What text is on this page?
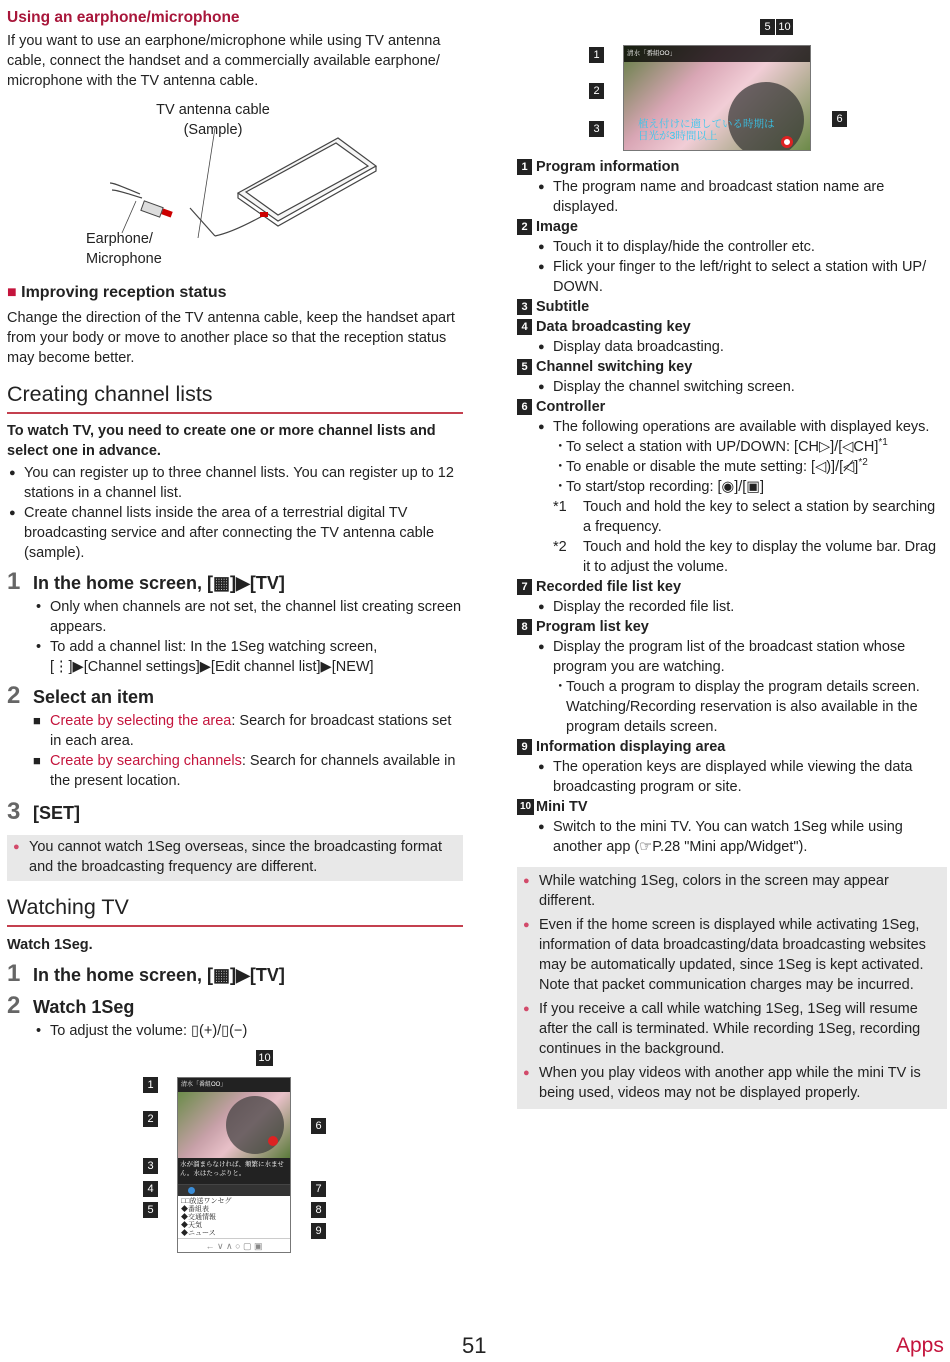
Using an earphone/microphone
If you want to use an earphone/microphone while using TV antenna cable, connect the handset and a commercially available earphone/ microphone with the TV antenna cable.
TV antenna cable
(Sample)
Earphone/
Microphone
■ Improving reception status
Change the direction of the TV antenna cable, keep the handset apart from your body or move to another place so that the reception status may become better.
Creating channel lists
To watch TV, you need to create one or more channel lists and select one in advance.
● You can register up to three channel lists. You can register up to 12 stations in a channel list.
● Create channel lists inside the area of a terrestrial digital TV broadcasting service and after connecting the TV antenna cable (sample).
1 In the home screen, [▦]▶[TV]
• Only when channels are not set, the channel list creating screen appears.
• To add a channel list: In the 1Seg watching screen, [⋮]▶[Channel settings]▶[Edit channel list]▶[NEW]
2 Select an item
■ Create by selecting the area: Search for broadcast stations set in each area.
■ Create by searching channels: Search for channels available in the present location.
3 [SET]
● You cannot watch 1Seg overseas, since the broadcasting format and the broadcasting frequency are different.
Watching TV
Watch 1Seg.
1 In the home screen, [▦]▶[TV]
2 Watch 1Seg
• To adjust the volume: ▯(+)/▯(−)
清水「番組OO」
水が溜まらなければ、頫繁に水ません。水はたっぷりと。
□□放送ワンセグ
◆番組表
◆交通情報
◆天気
◆ニュース
← ∨ ∧ ○ ▢ ▣
1
2
3
4
5
6
7
8
9
10
清水「番組OO」
植え付けに適している時期は
日光が3時間以上
1
2
3
6
5 10
1 Program information
● The program name and broadcast station name are displayed.
2 Image
● Touch it to display/hide the controller etc.
● Flick your finger to the left/right to select a station with UP/ DOWN.
3 Subtitle
4 Data broadcasting key
● Display data broadcasting.
5 Channel switching key
● Display the channel switching screen.
6 Controller
● The following operations are available with displayed keys.
・ To select a station with UP/DOWN: [CH▷]/[◁CH]$^{*1}$
・ To enable or disable the mute setting: [◁)]/[◁̸]$^{*2}$
・ To start/stop recording: [◉]/[▣]
*1 Touch and hold the key to select a station by searching a frequency.
*2 Touch and hold the key to display the volume bar. Drag it to adjust the volume.
7 Recorded file list key
● Display the recorded file list.
8 Program list key
● Display the program list of the broadcast station whose program you are watching.
・ Touch a program to display the program details screen. Watching/Recording reservation is also available in the program details screen.
9 Information displaying area
● The operation keys are displayed while viewing the data broadcasting program or site.
10 Mini TV
● Switch to the mini TV. You can watch 1Seg while using another app (☞P.28 "Mini app/Widget").
● While watching 1Seg, colors in the screen may appear different.
● Even if the home screen is displayed while activating 1Seg, information of data broadcasting/data broadcasting websites may be automatically updated, since 1Seg is kept activated. Note that packet communication charges may be incurred.
● If you receive a call while watching 1Seg, 1Seg will resume after the call is terminated. While recording 1Seg, recording continues in the background.
● When you play videos with another app while the mini TV is being used, videos may not be displayed properly.
51	Apps
